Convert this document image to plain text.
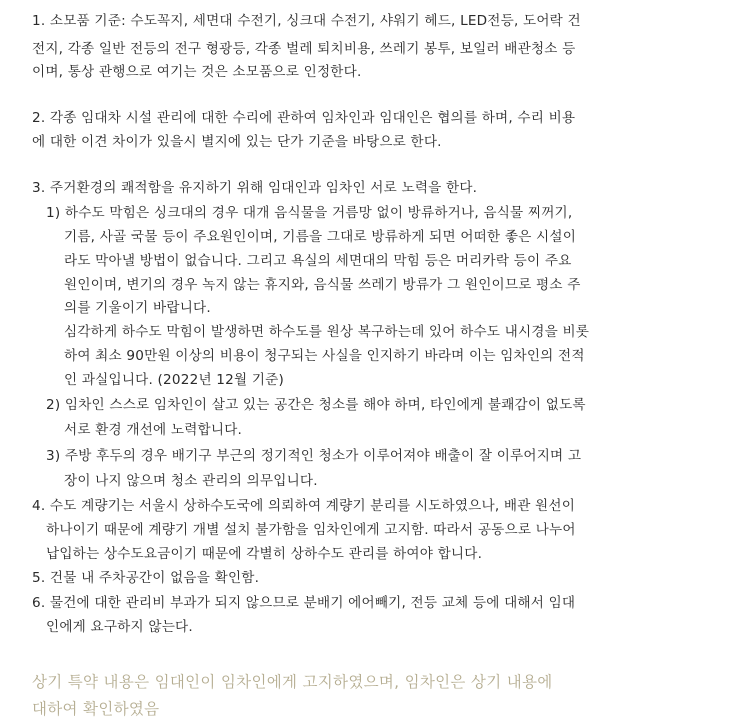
1. 소모품 기준: 수도꼭지, 세면대 수전기, 싱크대 수전기, 샤워기 헤드, LED전등, 도어락 건
전지, 각종 일반 전등의 전구 형광등, 각종 벌레 퇴치비용, 쓰레기 봉투, 보일러 배관청소 등
이며, 통상 관행으로 여기는 것은 소모품으로 인정한다.
2. 각종 임대차 시설 관리에 대한 수리에 관하여 임차인과 임대인은 협의를 하며, 수리 비용
에 대한 이견 차이가 있을시 별지에 있는 단가 기준을 바탕으로 한다.
3. 주거환경의 쾌적함을 유지하기 위해 임대인과 임차인 서로 노력을 한다.
1) 하수도 막힘은 싱크대의 경우 대개 음식물을 거름망 없이 방류하거나, 음식물 찌꺼기,
기름, 사골 국물 등이 주요원인이며, 기름을 그대로 방류하게 되면 어떠한 좋은 시설이
라도 막아낼 방법이 없습니다. 그리고 욕실의 세면대의 막힘 등은 머리카락 등이 주요
원인이며, 변기의 경우 녹지 않는 휴지와, 음식물 쓰레기 방류가 그 원인이므로 평소 주
의를 기울이기 바랍니다.
심각하게 하수도 막힘이 발생하면 하수도를 원상 복구하는데 있어 하수도 내시경을 비롯
하여 최소 90만원 이상의 비용이 청구되는 사실을 인지하기 바라며 이는 임차인의 전적
인 과실입니다. (2022년 12월 기준)
2) 임차인 스스로 임차인이 살고 있는 공간은 청소를 해야 하며, 타인에게 불쾌감이 없도록
서로 환경 개선에 노력합니다.
3) 주방 후두의 경우 배기구 부근의 정기적인 청소가 이루어져야 배출이 잘 이루어지며 고
장이 나지 않으며 청소 관리의 의무입니다.
4. 수도 계량기는 서울시 상하수도국에 의뢰하여 계량기 분리를 시도하였으나, 배관 원선이
하나이기 때문에 계량기 개별 설치 불가함을 임차인에게 고지함. 따라서 공동으로 나누어
납입하는 상수도요금이기 때문에 각별히 상하수도 관리를 하여야 합니다.
5. 건물 내 주차공간이 없음을 확인함.
6. 물건에 대한 관리비 부과가 되지 않으므로 분배기 에어빼기, 전등 교체 등에 대해서 임대
인에게 요구하지 않는다.
상기 특약 내용은 임대인이 임차인에게 고지하였으며, 임차인은 상기 내용에
대하여 확인하였음
